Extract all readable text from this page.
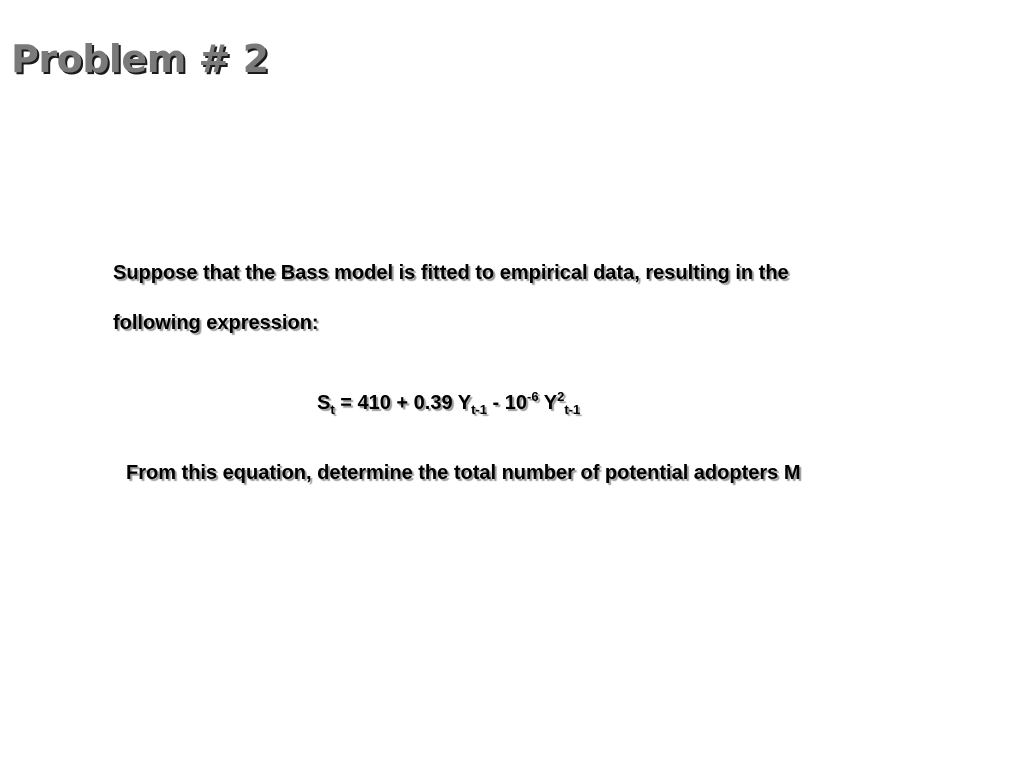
Problem # 2
Suppose that the Bass model is fitted to empirical data, resulting in the
following expression:
$S_t = 410 + 0.39$ $Y_{t-1} - 10^{-6}$ $Y^2_{t-1}$
From this equation, determine the total number of potential adopters M
